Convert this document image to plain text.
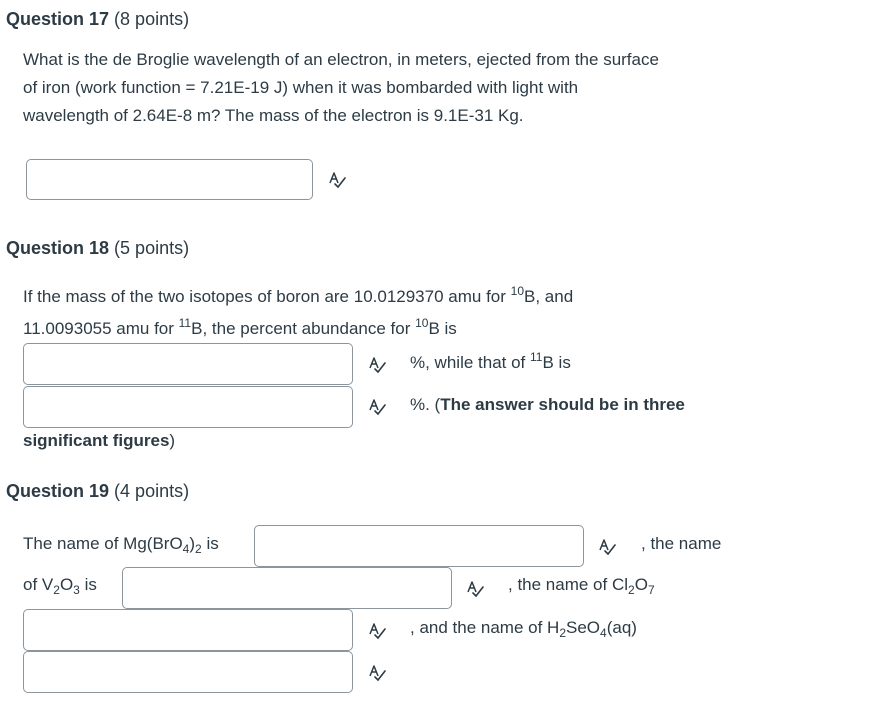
Question 17 (8 points)
What is the de Broglie wavelength of an electron, in meters, ejected from the surface
of iron (work function = 7.21E-19 J) when it was bombarded with light with
wavelength of 2.64E-8 m? The mass of the electron is 9.1E-31 Kg.
Question 18 (5 points)
If the mass of the two isotopes of boron are 10.0129370 amu for $^{10}$B, and
11.0093055 amu for $^{11}$B, the percent abundance for $^{10}$B is
%, while that of $^{11}$B is
%. (The answer should be in three
significant figures)
Question 19 (4 points)
The name of $Mg(BrO_4)_2$ is	, the name
of $V_2O_3$ is	, the name of $Cl_2O_7$
, and the name of $H_2SeO_4(aq)$
